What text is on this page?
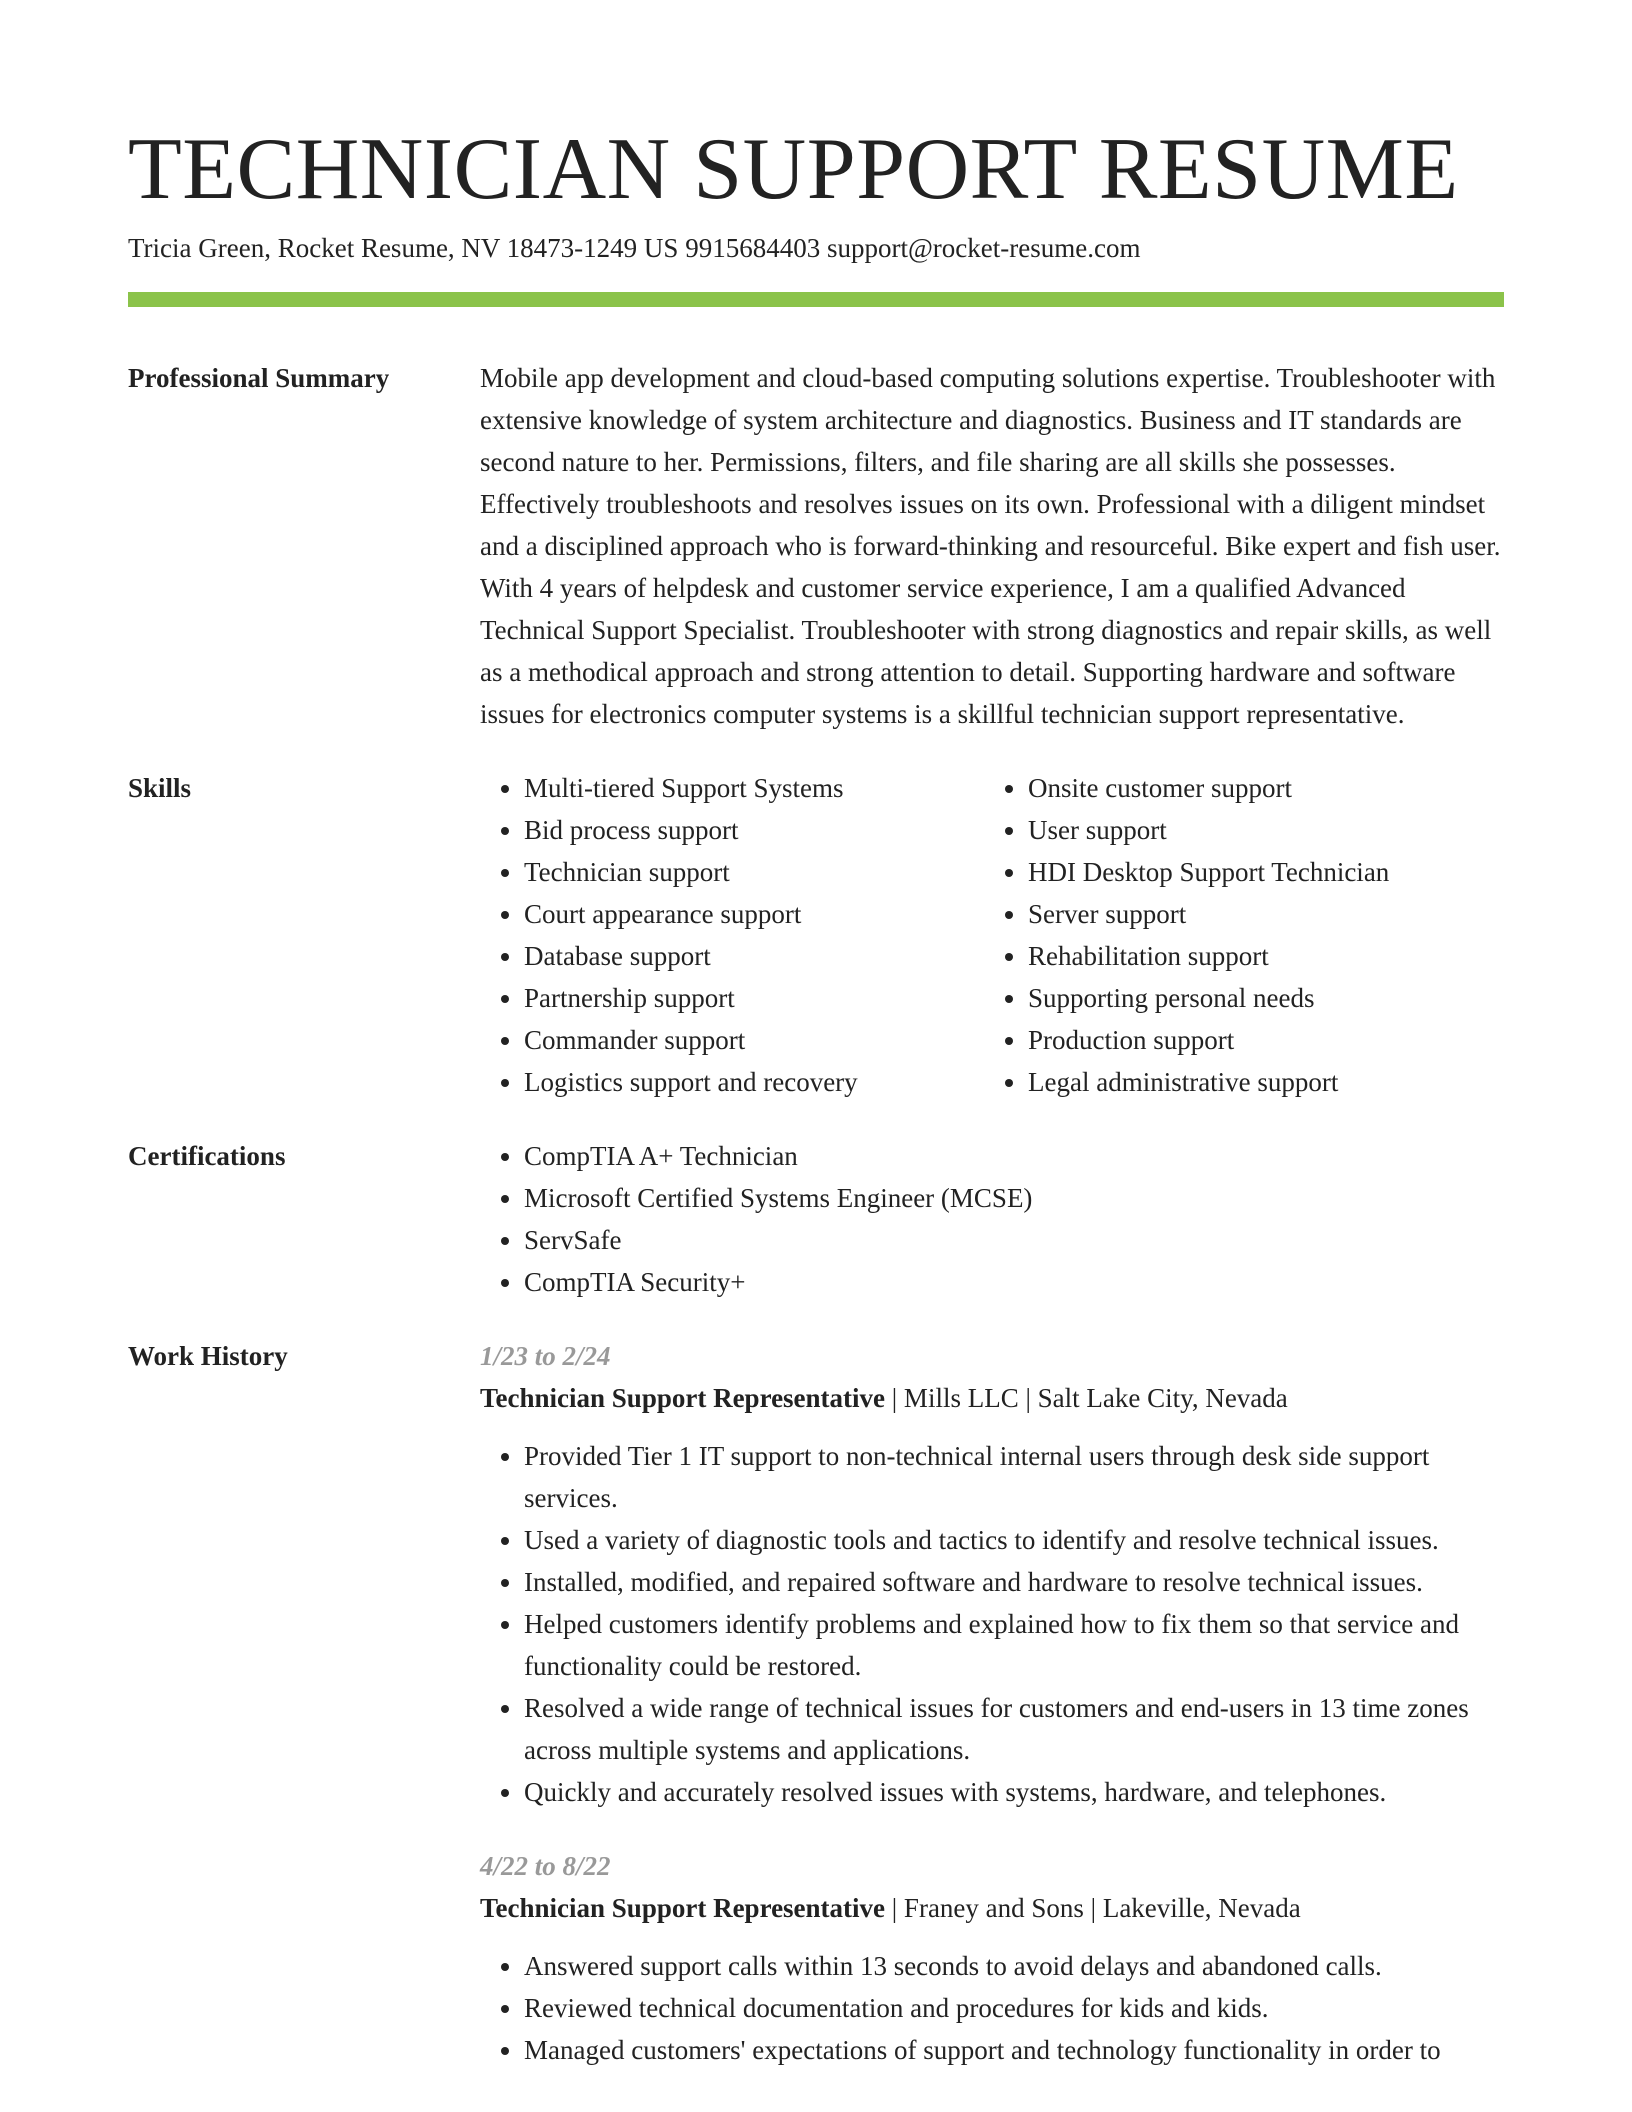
TECHNICIAN SUPPORT RESUME
Tricia Green, Rocket Resume, NV 18473-1249 US 9915684403 support@rocket-resume.com
Professional Summary	Mobile app development and cloud-based computing solutions expertise. Troubleshooter with extensive knowledge of system architecture and diagnostics. Business and IT standards are second nature to her. Permissions, filters, and file sharing are all skills she possesses. Effectively troubleshoots and resolves issues on its own. Professional with a diligent mindset and a disciplined approach who is forward-thinking and resourceful. Bike expert and fish user. With 4 years of helpdesk and customer service experience, I am a qualified Advanced Technical Support Specialist. Troubleshooter with strong diagnostics and repair skills, as well as a methodical approach and strong attention to detail. Supporting hardware and software issues for electronics computer systems is a skillful technician support representative.

Skills	• Multi-tiered Support Systems
• Bid process support
• Technician support
• Court appearance support
• Database support
• Partnership support
• Commander support
• Logistics support and recovery
• Onsite customer support
• User support
• HDI Desktop Support Technician
• Server support
• Rehabilitation support
• Supporting personal needs
• Production support
• Legal administrative support
Certifications	• CompTIA A+ Technician
• Microsoft Certified Systems Engineer (MCSE)
• ServSafe
• CompTIA Security+
Work History	1/23 to 2/24
Technician Support Representative | Mills LLC | Salt Lake City, Nevada
• Provided Tier 1 IT support to non-technical internal users through desk side support services.
• Used a variety of diagnostic tools and tactics to identify and resolve technical issues.
• Installed, modified, and repaired software and hardware to resolve technical issues.
• Helped customers identify problems and explained how to fix them so that service and functionality could be restored.
• Resolved a wide range of technical issues for customers and end-users in 13 time zones across multiple systems and applications.
• Quickly and accurately resolved issues with systems, hardware, and telephones.
4/22 to 8/22
Technician Support Representative | Franey and Sons | Lakeville, Nevada
• Answered support calls within 13 seconds to avoid delays and abandoned calls.
• Reviewed technical documentation and procedures for kids and kids.
• Managed customers' expectations of support and technology functionality in order to
